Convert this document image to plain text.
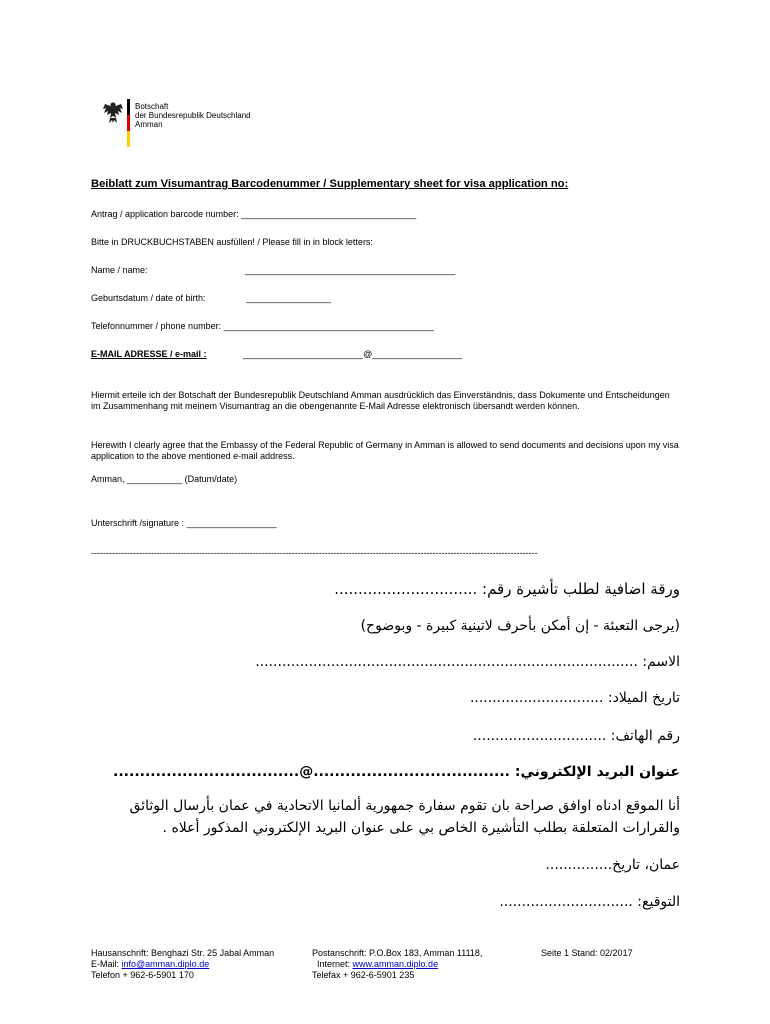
Botschaft
der Bundesrepublik Deutschland
Amman
Beiblatt zum Visumantrag Barcodenummer / Supplementary sheet for visa application no:
Antrag / application barcode number: ___________________________________
Bitte in DRUCKBUCHSTABEN ausfüllen! / Please fill in in block letters:
Name / name:	__________________________________________
Geburtsdatum / date of birth:	_________________
Telefonnummer / phone number: __________________________________________
E-MAIL ADRESSE / e-mail :	________________________@__________________
Hiermit erteile ich der Botschaft der Bundesrepublik Deutschland Amman ausdrücklich das Einverständnis, dass Dokumente und Entscheidungen im Zusammenhang mit meinem Visumantrag an die obengenannte E-Mail Adresse elektronisch übersandt werden können.
Herewith I clearly agree that the Embassy of the Federal Republic of Germany in Amman is allowed to send documents and decisions upon my visa application to the above mentioned e-mail address.
Amman, ___________ (Datum/date)
Unterschrift /signature : __________________
-----------------------------------------------------------------------------------------------------------------------------------------------------
ورقة اضافية لطلب تأشيرة رقم: ..............................
(يرجى التعبئة - إن أمكن بأحرف لاتينية كبيرة - وبوضوح)
الاسم: ......................................................................................
تاريخ الميلاد: ..............................
رقم الهاتف: ..............................
عنوان البريد الإلكتروني: .....................................@...................................
أنا الموقع ادناه اوافق صراحة بان تقوم سفارة جمهورية ألمانيا الاتحادية في عمان بأرسال الوثائق
والقرارات المتعلقة بطلب التأشيرة الخاص بي على عنوان البريد الإلكتروني المذكور أعلاه .
عمان، تاريخ...............
التوقيع: ..............................
Hausanschrift: Benghazi Str. 25 Jabal Amman
E-Mail: info@amman.diplo.de
Telefon + 962-6-5901 170
Postanschrift: P.O.Box 183, Amman 11118,
Internet: www.amman.diplo.de
Telefax + 962-6-5901 235
Seite 1 Stand: 02/2017
